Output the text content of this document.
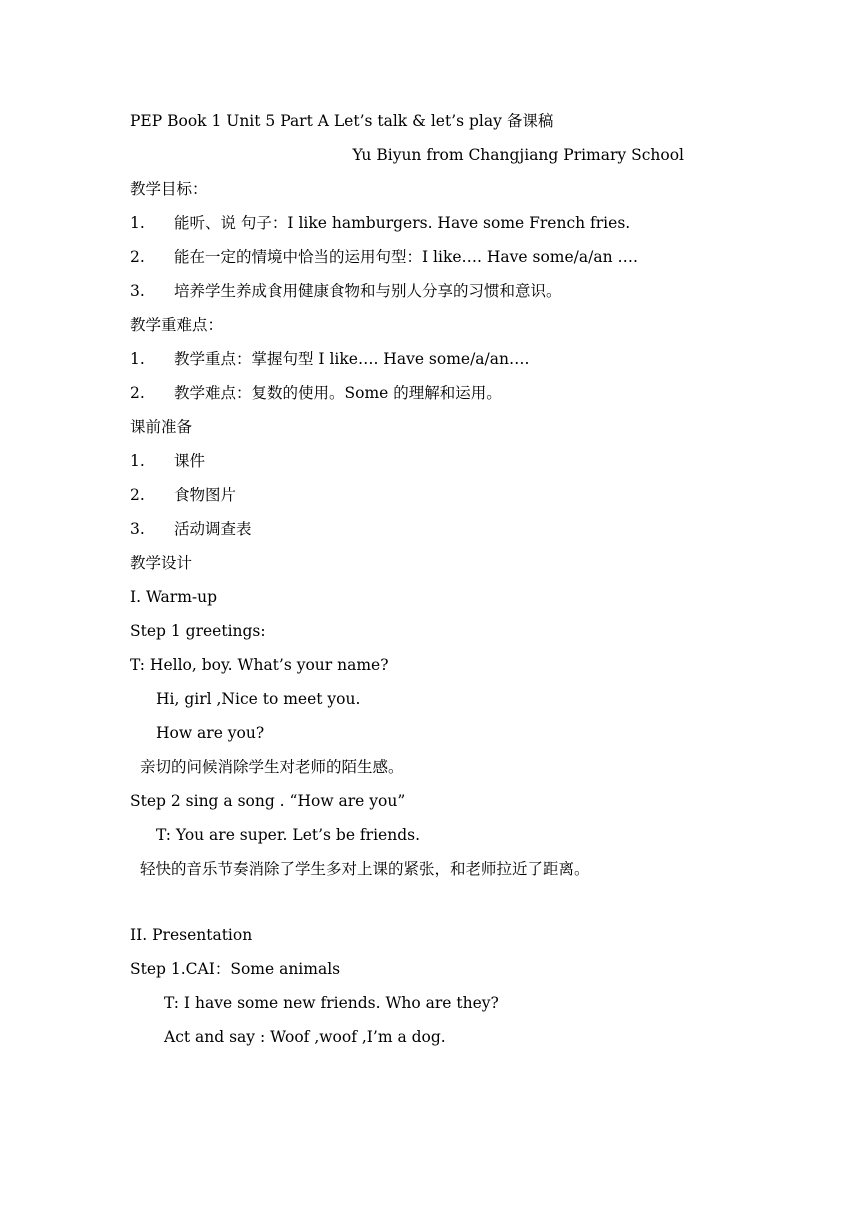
PEP Book 1 Unit 5 Part A Let’s talk & let’s play 备课稿
Yu Biyun from Changjiang Primary School
教学目标：
1. 能听、说 句子：I like hamburgers. Have some French fries.
2. 能在一定的情境中恰当的运用句型：I like…. Have some/a/an ….
3. 培养学生养成食用健康食物和与别人分享的习惯和意识。
教学重难点：
1. 教学重点：掌握句型 I like…. Have some/a/an….
2. 教学难点：复数的使用。Some 的理解和运用。
课前准备
1. 课件
2. 食物图片
3. 活动调查表
教学设计
I. Warm-up
Step 1 greetings:
T: Hello, boy. What’s your name?
Hi, girl ,Nice to meet you.
How are you?
亲切的问候消除学生对老师的陌生感。
Step 2 sing a song . “How are you”
T: You are super. Let’s be friends.
轻快的音乐节奏消除了学生多对上课的紧张，和老师拉近了距离。
II. Presentation
Step 1.CAI：Some animals
T: I have some new friends. Who are they?
Act and say : Woof ,woof ,I’m a dog.
